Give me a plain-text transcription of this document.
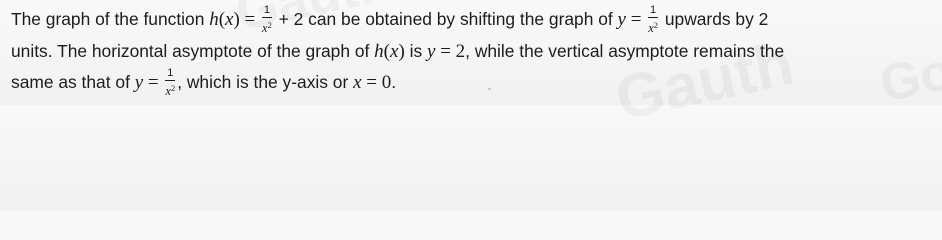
The graph of the function $h(x) = \frac{1}{x^2} + 2$ can be obtained by shifting the graph of $y = \frac{1}{x^2}$ upwards by 2
units. The horizontal asymptote of the graph of h(x) is y = 2, while the vertical asymptote remains the
same as that of $y = \frac{1}{x^2}$ , which is the y-axis or x = 0.
